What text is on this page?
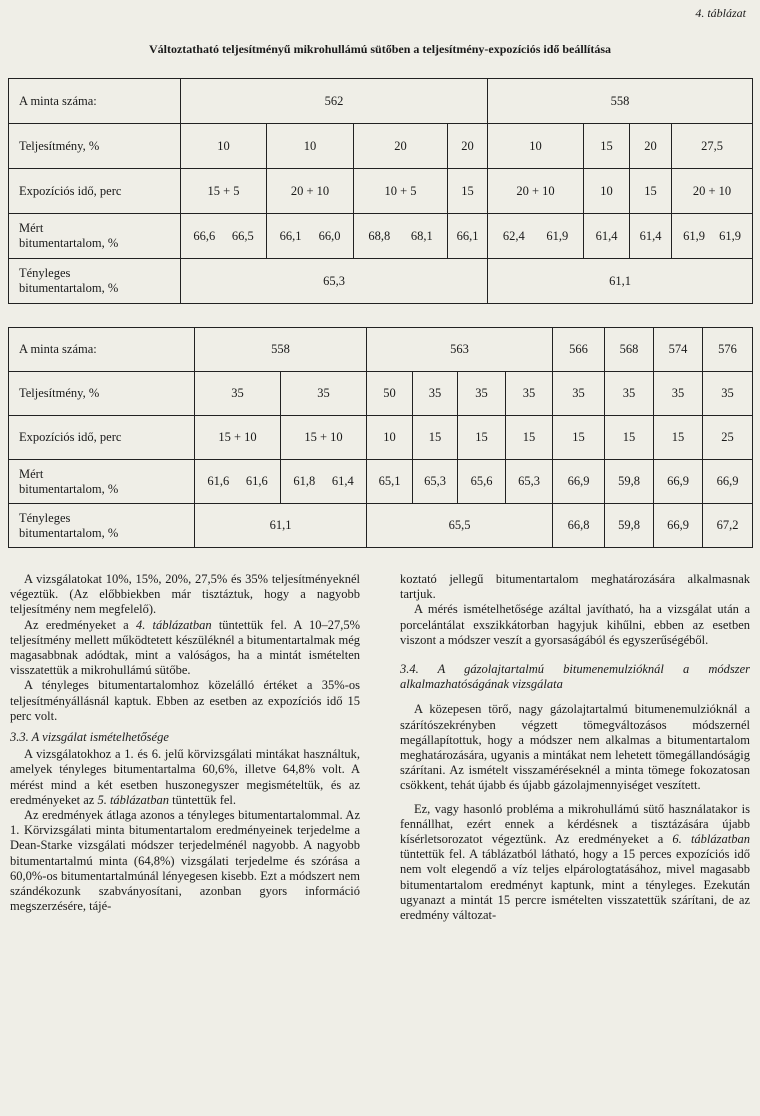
4. táblázat
Változtatható teljesítményű mikrohullámú sütőben a teljesítmény-expozíciós idő beállítása
A minta száma:	562				558			
Teljesítmény, %	10	10	20	20	10	15	20	27,5
Expozíciós idő, perc	15 + 5	20 + 10	10 + 5	15	20 + 10	10	15	20 + 10
Mért
bitumentartalom, %	66,6 66,5	66,1 66,0	68,8 68,1	66,1	62,4 61,9	61,4	61,4	61,9 61,9

Tényleges
bitumentartalom, %	65,3				61,1			
A minta száma:	558		563				566	568	574	576
Teljesítmény, %	35	35	50	35	35	35	35	35	35	35
Expozíciós idő, perc	15 + 10	15 + 10	10	15	15	15	15	15	15	25
Mért
bitumentartalom, %	61,6 61,6	61,8 61,4	65,1	65,3	65,6	65,3	66,9	59,8	66,9	66,9
Tényleges
bitumentartalom, %	61,1		65,5				66,8	59,8	66,9	67,2

A vizsgálatokat 10%, 15%, 20%, 27,5% és 35% teljesítményeknél végeztük. (Az előbbiekben már tisztáztuk, hogy a nagyobb teljesítmény nem megfelelő).

Az eredményeket a 4. táblázatban tüntettük fel. A 10–27,5% teljesítmény mellett működtetett készüléknél a bitumentartalmak még magasabbnak adódtak, mint a valóságos, ha a mintát ismételten visszatettük a mikrohullámú sütőbe.

A tényleges bitumentartalomhoz közelálló értéket a 35%-os teljesítményállásnál kaptuk. Ebben az esetben az expozíciós idő 15 perc volt.

3.3. A vizsgálat ismételhetősége

A vizsgálatokhoz a 1. és 6. jelű körvizsgálati mintákat használtuk, amelyek tényleges bitumentartalma 60,6%, illetve 64,8% volt. A mérést mind a két esetben huszonegyszer megismételtük, és az eredményeket az 5. táblázatban tüntettük fel.

Az eredmények átlaga azonos a tényleges bitumentartalommal. Az 1. Körvizsgálati minta bitumentartalom eredményeinek terjedelme a Dean-Starke vizsgálati módszer terjedelménél nagyobb. A nagyobb bitumentartalmú minta (64,8%) vizsgálati terjedelme és szórása a 60,0%-os bitumentartalmúnál lényegesen kisebb. Ezt a módszert nem szándékozunk szabványosítani, azonban gyors információ megszerzésére, tájé-

koztató jellegű bitumentartalom meghatározására alkalmasnak tartjuk.

A mérés ismételhetősége azáltal javítható, ha a vizsgálat után a porcelántálat exszikkátorban hagyjuk kihűlni, ebben az esetben viszont a módszer veszít a gyorsaságából és egyszerűségéből.

3.4. A gázolajtartalmú bitumenemulzióknál a módszer alkalmazhatóságának vizsgálata

A közepesen törő, nagy gázolajtartalmú bitumenemulzióknál a szárítószekrényben végzett tömegváltozásos módszernél megállapítottuk, hogy a módszer nem alkalmas a bitumentartalom meghatározására, ugyanis a mintákat nem lehetett tömegállandóságig szárítani. Az ismételt visszaméréseknél a minta tömege fokozatosan csökkent, tehát újabb és újabb gázolajmennyiséget veszített.

Ez, vagy hasonló probléma a mikrohullámú sütő használatakor is fennállhat, ezért ennek a kérdésnek a tisztázására újabb kísérletsorozatot végeztünk. Az eredményeket a 6. táblázatban tüntettük fel. A táblázatból látható, hogy a 15 perces expozíciós idő nem volt elegendő a víz teljes elpárologtatásához, mivel magasabb bitumentartalom eredményt kaptunk, mint a tényleges. Ezekután ugyanazt a mintát 15 percre ismételten visszatettük szárítani, de az eredmény változat-
